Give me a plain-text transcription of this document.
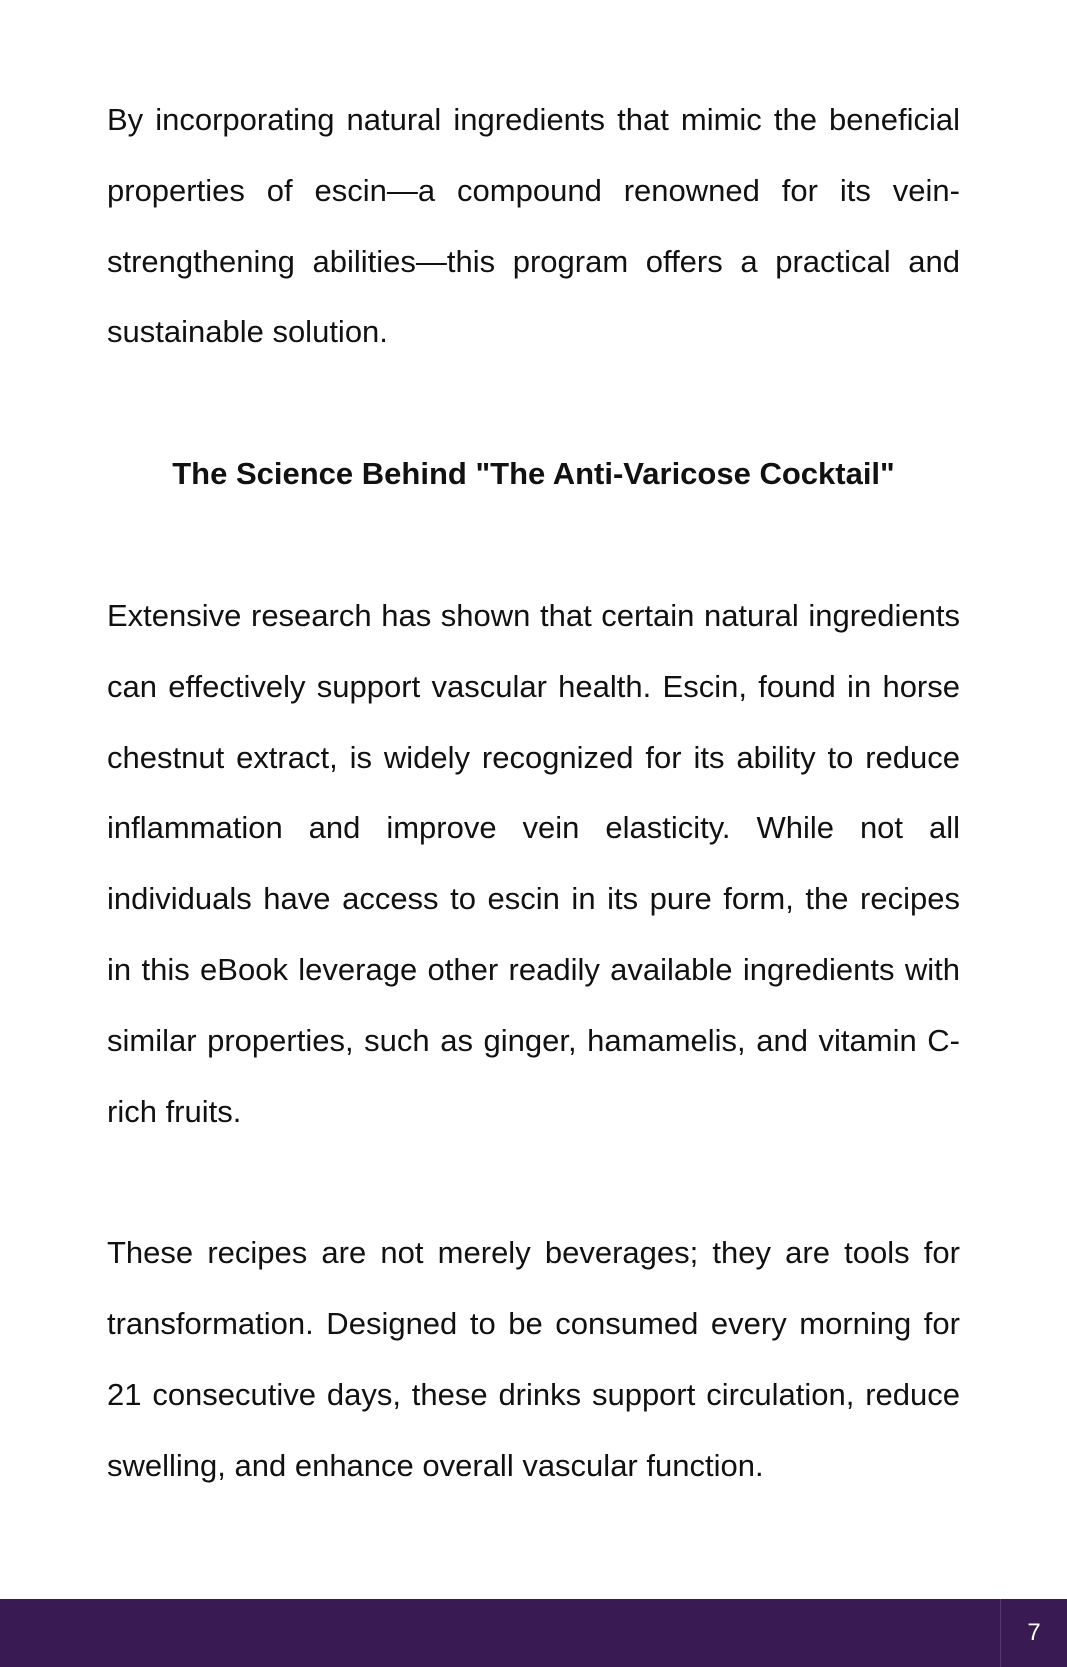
By incorporating natural ingredients that mimic the beneficial properties of escin—a compound renowned for its vein-strengthening abilities—this program offers a practical and sustainable solution.

The Science Behind "The Anti-Varicose Cocktail"

Extensive research has shown that certain natural ingredients can effectively support vascular health. Escin, found in horse chestnut extract, is widely recognized for its ability to reduce inflammation and improve vein elasticity. While not all individuals have access to escin in its pure form, the recipes in this eBook leverage other readily available ingredients with similar properties, such as ginger, hamamelis, and vitamin C-rich fruits.

These recipes are not merely beverages; they are tools for transformation. Designed to be consumed every morning for 21 consecutive days, these drinks support circulation, reduce swelling, and enhance overall vascular function.

7
